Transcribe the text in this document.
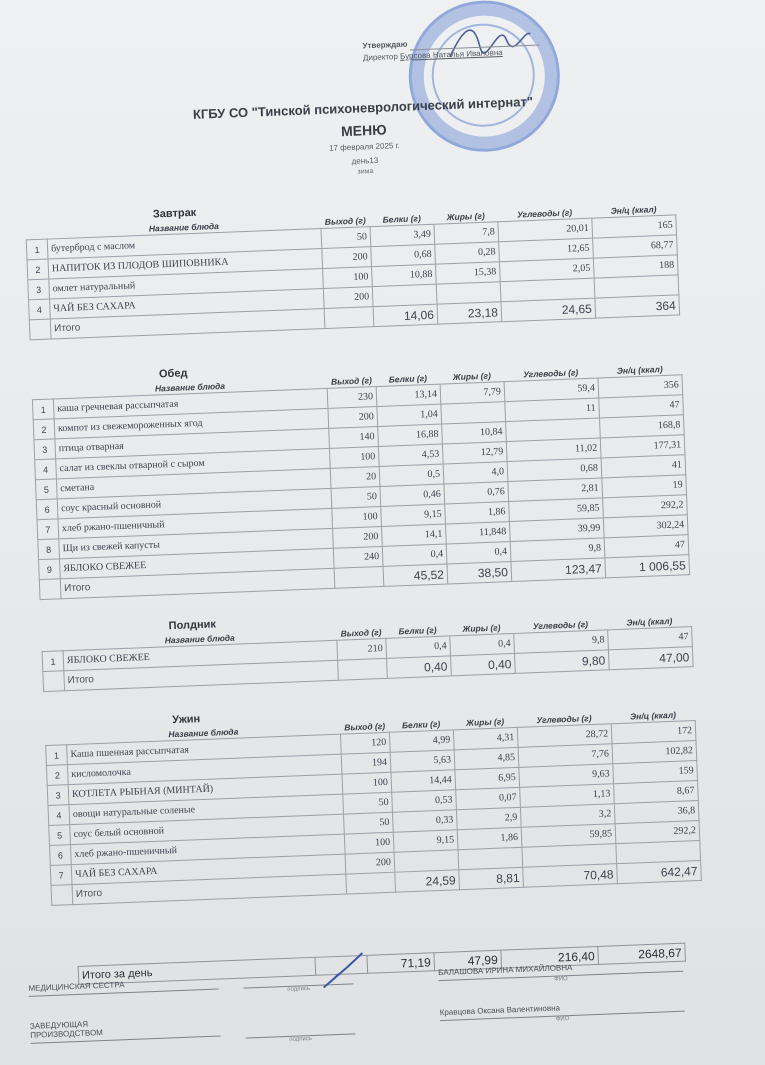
Утверждаю
Директор Бурсова Наталья Ивановна
КГБУ СО "Тинской психоневрологический интернат"
МЕНЮ
17 февраля 2025 г.
день13
зима
Завтрак
	Название блюда	Выход (г)	Белки (г)	Жиры (г)	Углеводы (г)	Эн/ц (ккал)
1	бутерброд с маслом	50	3,49	7,8	20,01	165
2	НАПИТОК ИЗ ПЛОДОВ ШИПОВНИКА	200	0,68	0,28	12,65	68,77
3	омлет натуральный	100	10,88	15,38	2,05	188
4	ЧАЙ БЕЗ САХАРА	200				
	Итого		14,06	23,18	24,65	364
Обед
	Название блюда	Выход (г)	Белки (г)	Жиры (г)	Углеводы (г)	Эн/ц (ккал)
1	каша гречневая рассыпчатая	230	13,14	7,79	59,4	356
2	компот из свежемороженных ягод	200	1,04		11	47
3	птица отварная	140	16,88	10,84		168,8
4	салат из свеклы отварной с сыром	100	4,53	12,79	11,02	177,31
5	сметана	20	0,5	4,0	0,68	41
6	соус красный основной	50	0,46	0,76	2,81	19
7	хлеб ржано-пшеничный	100	9,15	1,86	59,85	292,2
8	Щи из свежей капусты	200	14,1	11,848	39,99	302,24
9	ЯБЛОКО СВЕЖЕЕ	240	0,4	0,4	9,8	47
	Итого		45,52	38,50	123,47	1 006,55
Полдник
	Название блюда	Выход (г)	Белки (г)	Жиры (г)	Углеводы (г)	Эн/ц (ккал)
1	ЯБЛОКО СВЕЖЕЕ	210	0,4	0,4	9,8	47
	Итого		0,40	0,40	9,80	47,00
Ужин
	Название блюда	Выход (г)	Белки (г)	Жиры (г)	Углеводы (г)	Эн/ц (ккал)
1	Каша пшенная рассыпчатая	120	4,99	4,31	28,72	172
2	кисломолочка	194	5,63	4,85	7,76	102,82
3	КОТЛЕТА РЫБНАЯ (МИНТАЙ)	100	14,44	6,95	9,63	159
4	овощи натуральные соленые	50	0,53	0,07	1,13	8,67
5	соус белый основной	50	0,33	2,9	3,2	36,8
6	хлеб ржано-пшеничный	100	9,15	1,86	59,85	292,2
7	ЧАЙ БЕЗ САХАРА	200				
	Итого		24,59	8,81	70,48	642,47
Итого за день		71,19	47,99	216,40	2648,67
МЕДИЦИНСКАЯ СЕСТРА	подпись
БАЛАШОВА ИРИНА МИХАЙЛОВНА
ФИО
ЗАВЕДУЮЩАЯ
ПРОИЗВОДСТВОМ	подпись
Кравцова Оксана Валентиновна
ФИО
